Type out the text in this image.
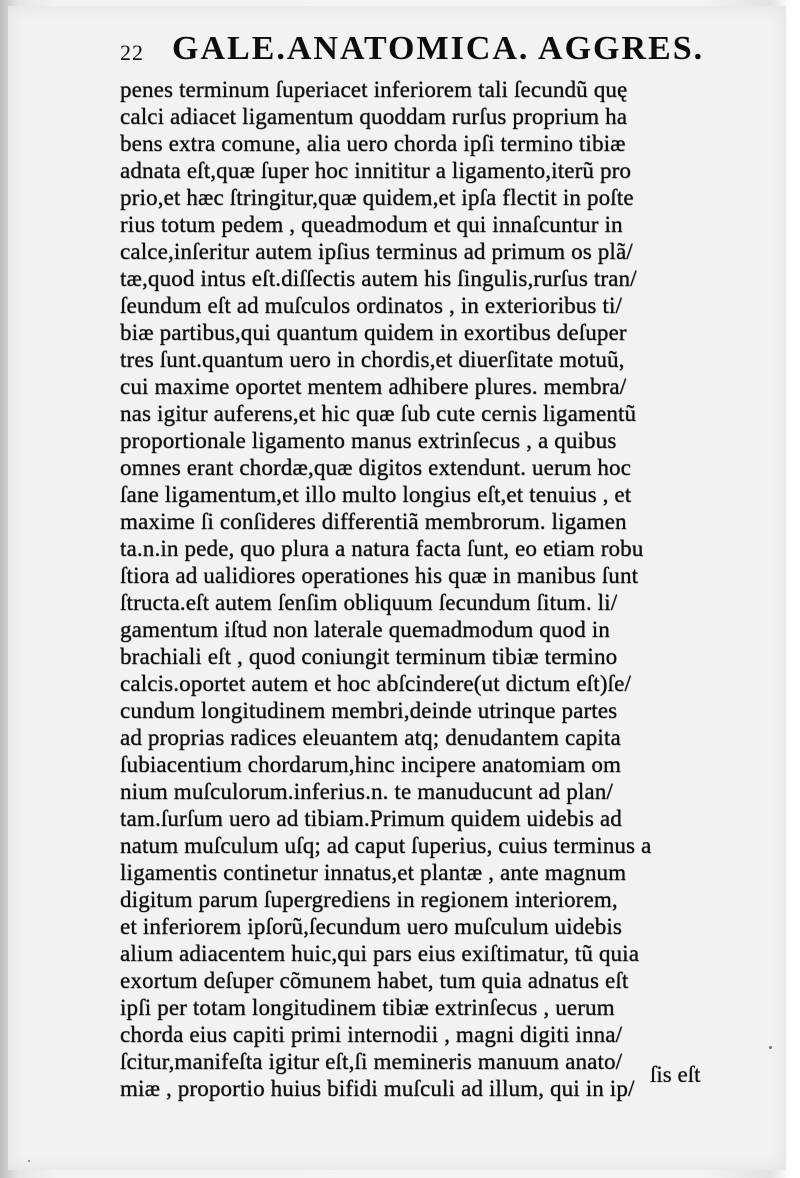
22 GALE.ANATOMICA. AGGRES.
penes terminum ſuperiacet inferiorem tali ſecundũ quę
calci adiacet ligamentum quoddam rurſus proprium ha
bens extra comune, alia uero chorda ipſi termino tibiæ
adnata eſt,quæ ſuper hoc innititur a ligamento,iterũ pro
prio,et hæc ſtringitur,quæ quidem,et ipſa flectit in poſte
rius totum pedem , queadmodum et qui innaſcuntur in
calce,inſeritur autem ipſius terminus ad primum os plã/
tæ,quod intus eſt.diſſectis autem his ſingulis,rurſus tran/
ſeundum eſt ad muſculos ordinatos , in exterioribus ti/
biæ partibus,qui quantum quidem in exortibus deſuper
tres ſunt.quantum uero in chordis,et diuerſitate motuũ,
cui maxime oportet mentem adhibere plures. membra/
nas igitur auferens,et hic quæ ſub cute cernis ligamentũ
proportionale ligamento manus extrinſecus , a quibus
omnes erant chordæ,quæ digitos extendunt. uerum hoc
ſane ligamentum,et illo multo longius eſt,et tenuius , et
maxime ſi conſideres differentiã membrorum. ligamen
ta.n.in pede, quo plura a natura facta ſunt, eo etiam robu
ſtiora ad ualidiores operationes his quæ in manibus ſunt
ſtructa.eſt autem ſenſim obliquum ſecundum ſitum. li/
gamentum iſtud non laterale quemadmodum quod in
brachiali eſt , quod coniungit terminum tibiæ termino
calcis.oportet autem et hoc abſcindere(ut dictum eſt)ſe/
cundum longitudinem membri,deinde utrinque partes
ad proprias radices eleuantem atq; denudantem capita
ſubiacentium chordarum,hinc incipere anatomiam om
nium muſculorum.inferius.n. te manuducunt ad plan/
tam.ſurſum uero ad tibiam.Primum quidem uidebis ad
natum muſculum uſq; ad caput ſuperius, cuius terminus a
ligamentis continetur innatus,et plantæ , ante magnum
digitum parum ſupergrediens in regionem interiorem,
et inferiorem ipſorũ,ſecundum uero muſculum uidebis
alium adiacentem huic,qui pars eius exiſtimatur, tũ quia
exortum deſuper cõmunem habet, tum quia adnatus eſt
ipſi per totam longitudinem tibiæ extrinſecus , uerum
chorda eius capiti primi internodii , magni digiti inna/
ſcitur,manifeſta igitur eſt,ſi memineris manuum anato/
miæ , proportio huius bifidi muſculi ad illum, qui in ip/
ſis eſt
